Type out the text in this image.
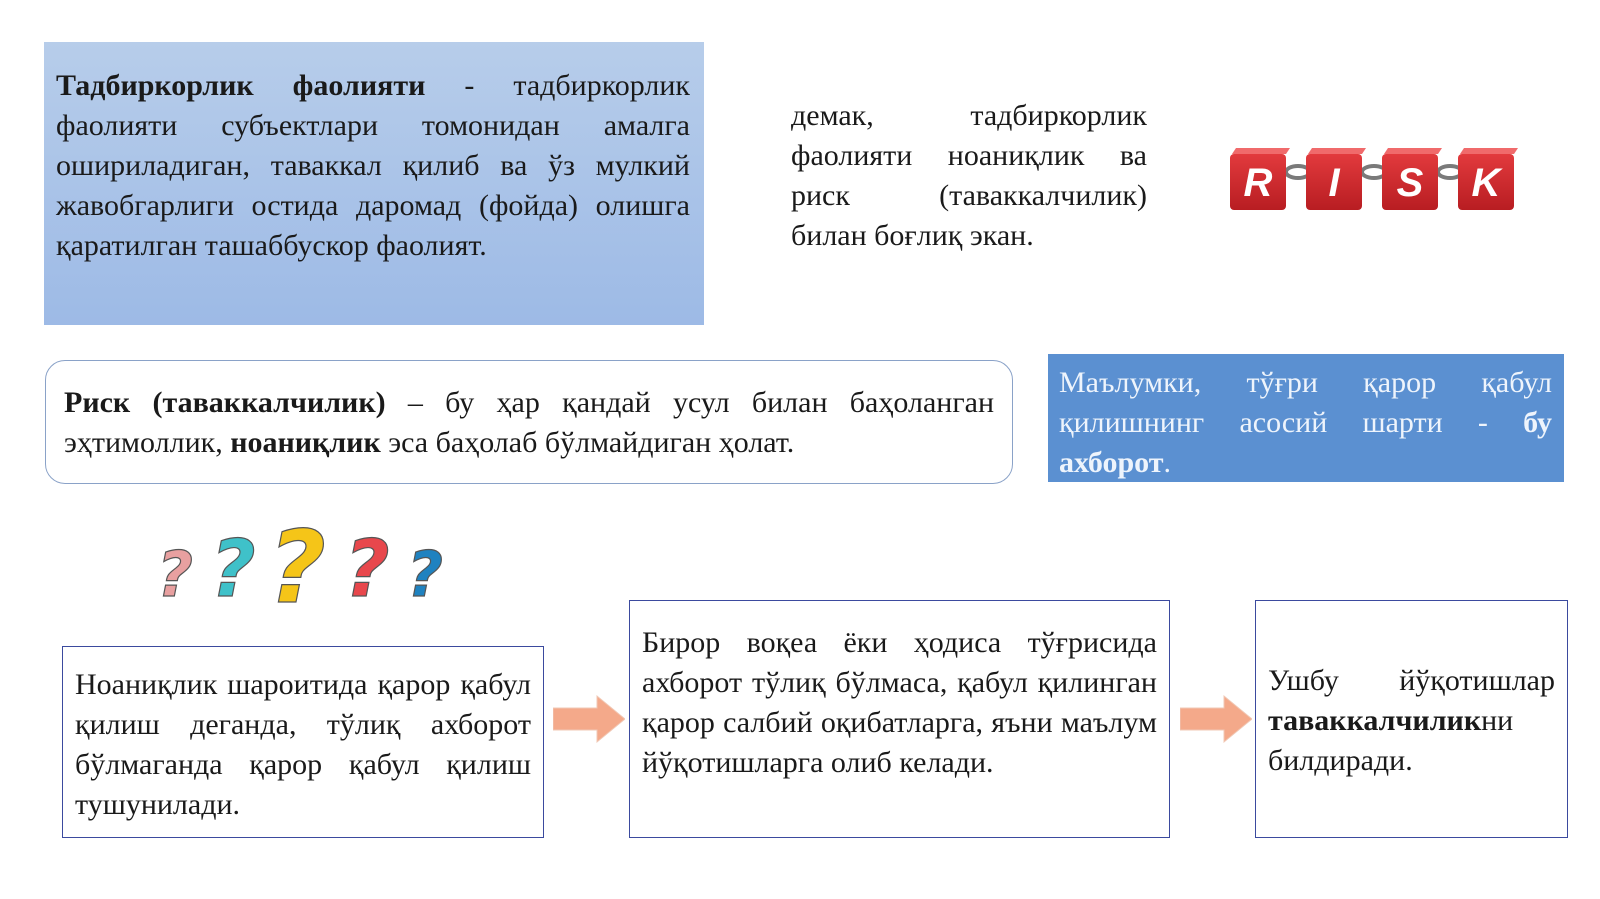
Тадбиркорлик фаолияти - тадбиркорлик фаолияти субъектлари томонидан амалга ошириладиган, таваккал қилиб ва ўз мулкий жавобгарлиги остида даромад (фойда) олишга қаратилган ташаббускор фаолият.
демак, тадбиркорлик фаолияти ноаниқлик ва риск (таваккалчилик) билан боғлиқ экан.
R I S K
Риск (таваккалчилик) – бу ҳар қандай усул билан баҳоланган эҳтимоллик, ноаниқлик эса баҳолаб бўлмайдиган ҳолат.
Маълумки, тўғри қарор қабул қилишнинг асосий шарти - бу ахборот.
? ? ? ? ?
Ноаниқлик шароитида қарор қабул қилиш деганда, тўлиқ ахборот бўлмаганда қарор қабул қилиш тушунилади.
Бирор воқеа ёки ҳодиса тўғрисида ахборот тўлиқ бўлмаса, қабул қилинган қарор салбий оқибатларга, яъни маълум йўқотишларга олиб келади.
Ушбу йўқотишлар таваккалчиликни билдиради.
